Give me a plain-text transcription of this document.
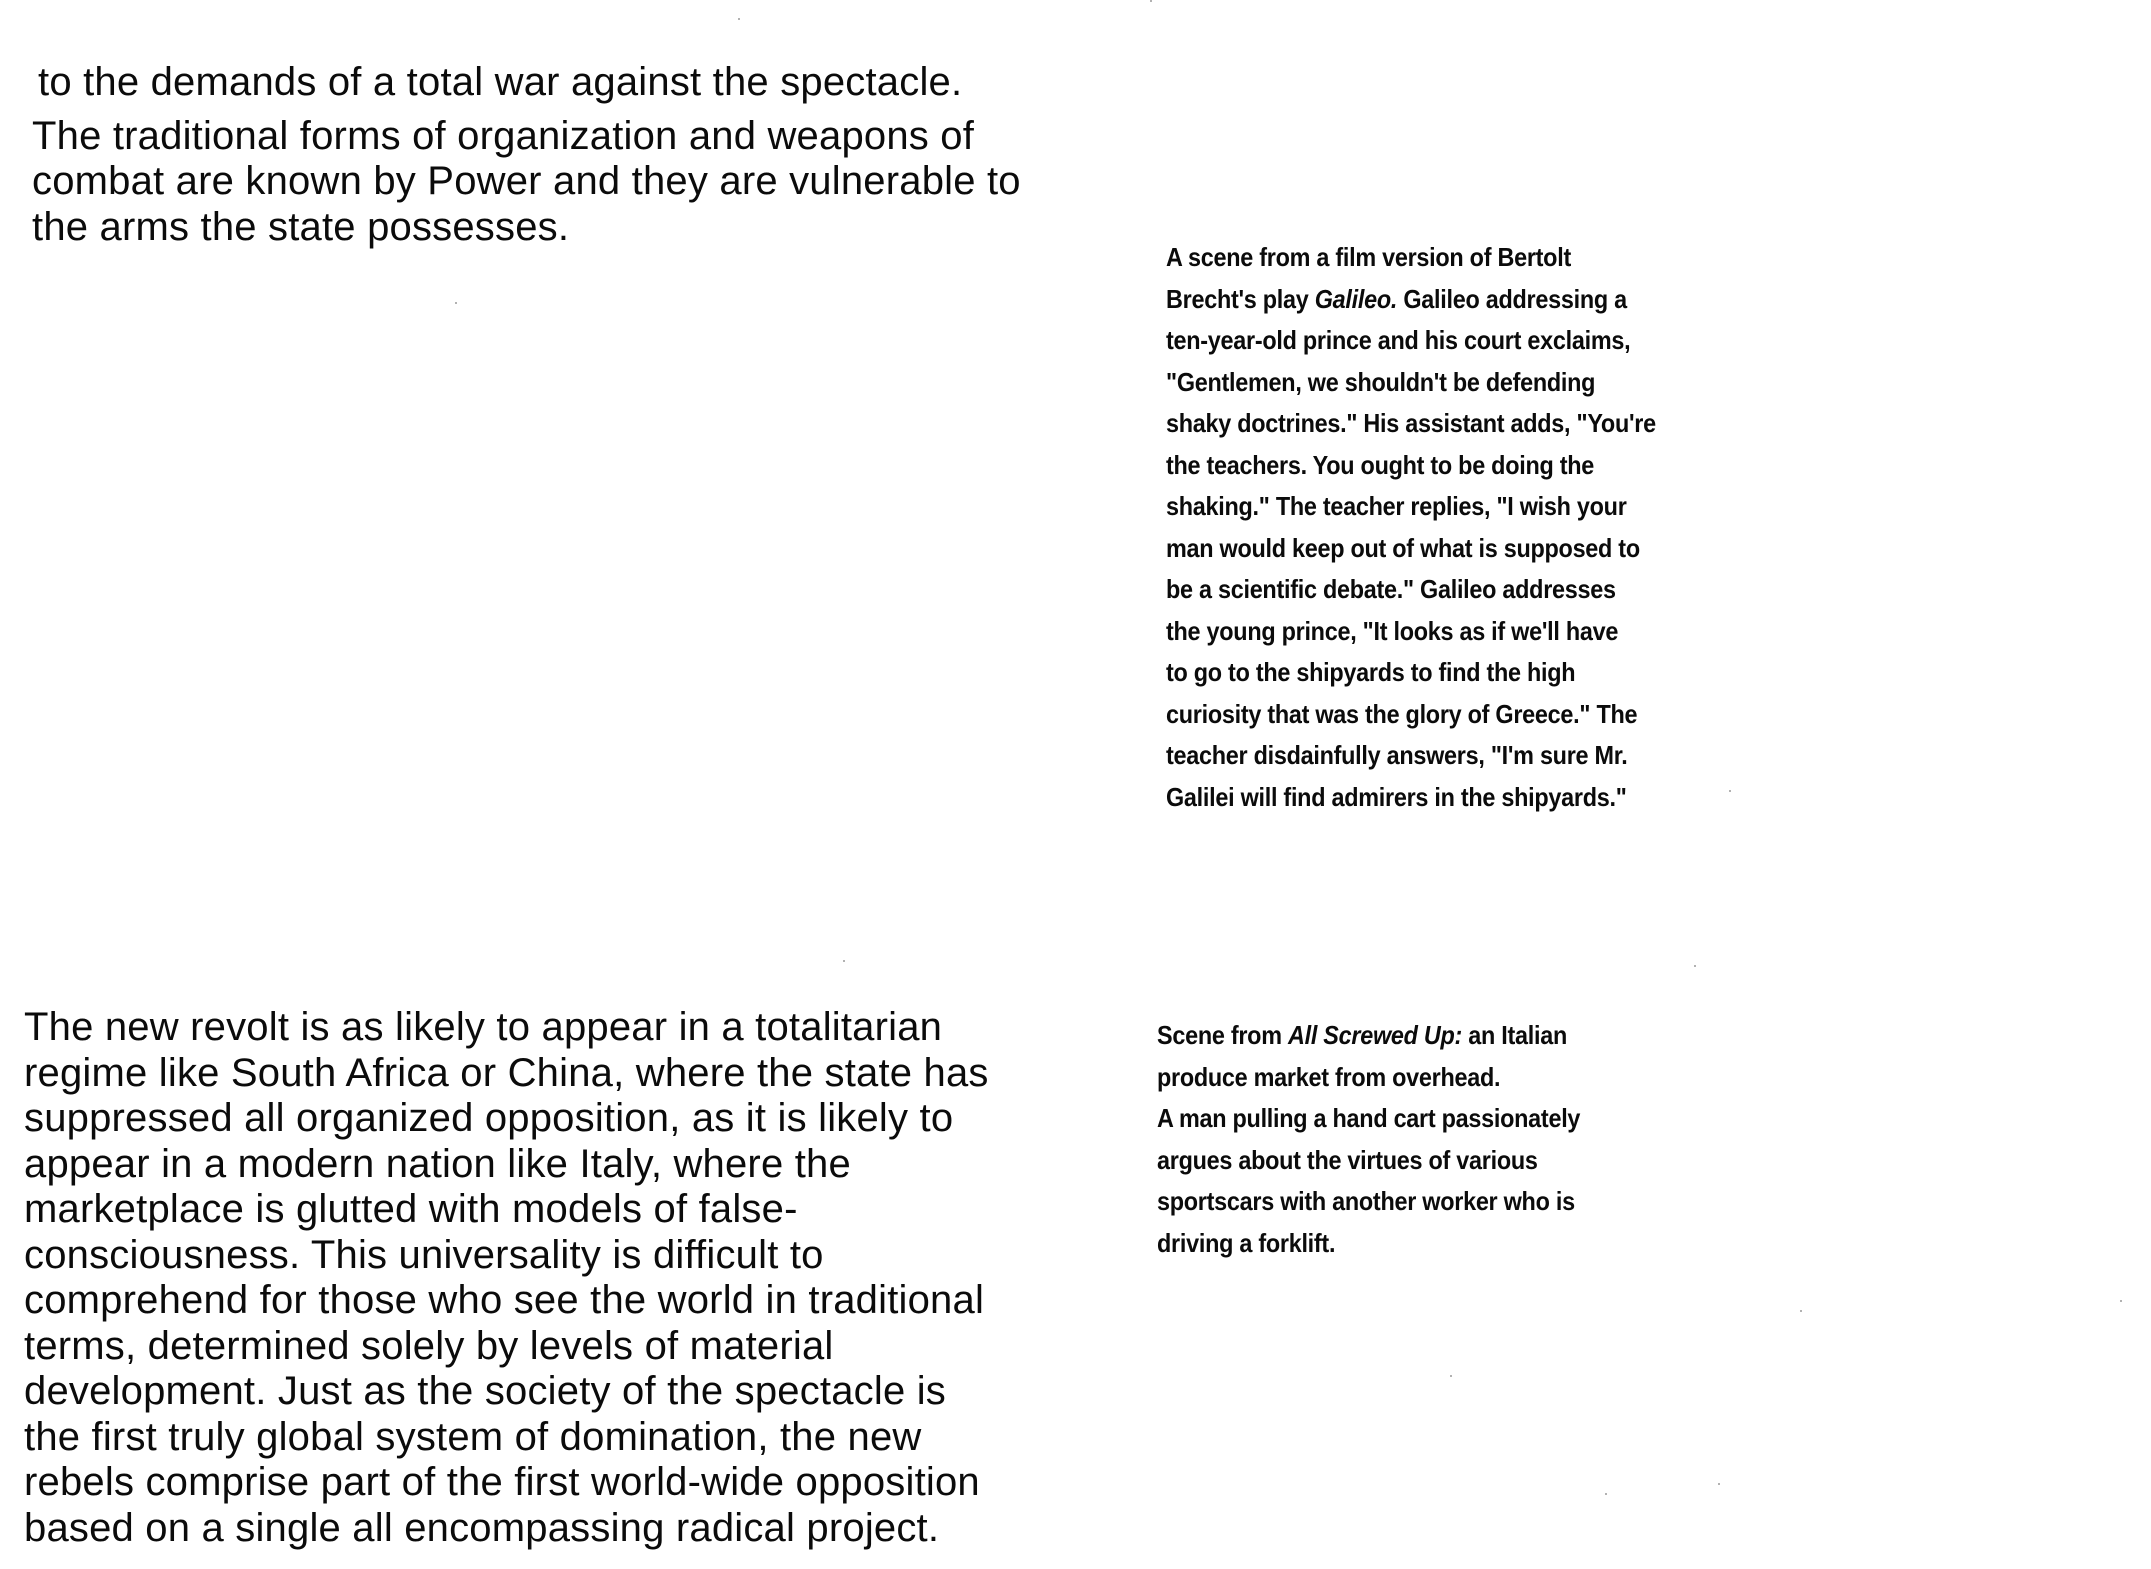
to the demands of a total war against the spectacle.
The traditional forms of organization and weapons of
combat are known by Power and they are vulnerable to
the arms the state possesses.
A scene from a film version of Bertolt
Brecht's play Galileo. Galileo addressing a
ten-year-old prince and his court exclaims,
"Gentlemen, we shouldn't be defending
shaky doctrines." His assistant adds, "You're
the teachers. You ought to be doing the
shaking." The teacher replies, "I wish your
man would keep out of what is supposed to
be a scientific debate." Galileo addresses
the young prince, "It looks as if we'll have
to go to the shipyards to find the high
curiosity that was the glory of Greece." The
teacher disdainfully answers, "I'm sure Mr.
Galilei will find admirers in the shipyards."
The new revolt is as likely to appear in a totalitarian
regime like South Africa or China, where the state has
suppressed all organized opposition, as it is likely to
appear in a modern nation like Italy, where the
marketplace is glutted with models of false-
consciousness. This universality is difficult to
comprehend for those who see the world in traditional
terms, determined solely by levels of material
development. Just as the society of the spectacle is
the first truly global system of domination, the new
rebels comprise part of the first world-wide opposition
based on a single all encompassing radical project.
Scene from All Screwed Up: an Italian
produce market from overhead.
A man pulling a hand cart passionately
argues about the virtues of various
sportscars with another worker who is
driving a forklift.
